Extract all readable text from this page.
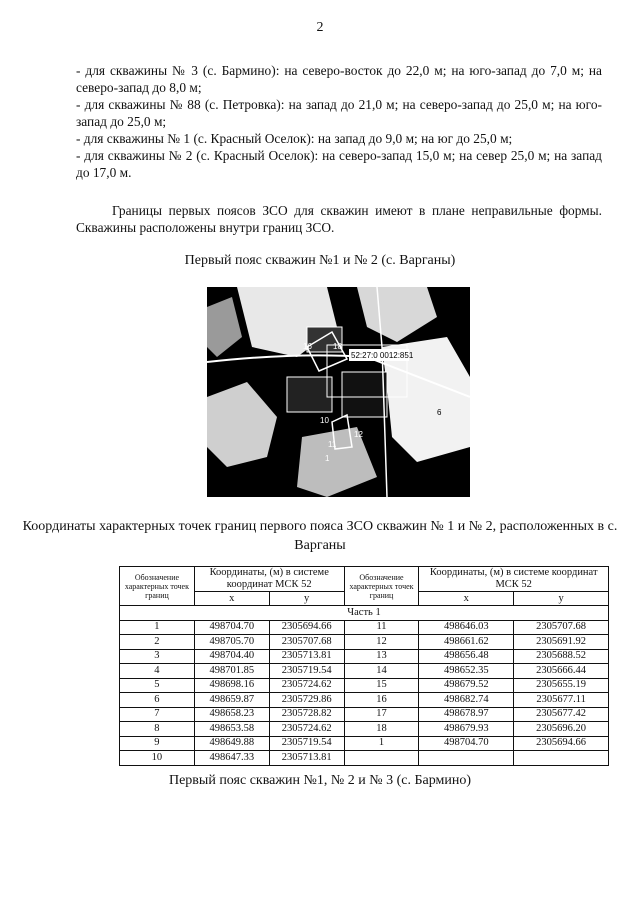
2

- для скважины № 3 (с. Бармино): на северо-восток до 22,0 м; на юго-запад до 7,0 м; на северо-запад до 8,0 м;

- для скважины № 88 (с. Петровка): на запад до 21,0 м; на северо-запад до 25,0 м; на юго- запад до 25,0 м;

- для скважины № 1 (с. Красный Оселок): на запад до 9,0 м; на юг до 25,0 м;

- для скважины № 2 (с. Красный Оселок): на северо-запад 15,0 м; на север 25,0 м; на запад до 17,0 м.

Границы первых поясов ЗСО для скважин имеют в плане неправильные формы. Скважины расположены внутри границ ЗСО.

Первый пояс скважин №1 и № 2 (с. Варганы)

52:27:0 0012:851
16	18
10
11
12
1
6

Координаты характерных точек границ первого пояса ЗСО скважин № 1 и № 2, расположенных в с. Варганы

Обозначение характерных точек границ	Координаты, (м) в системе координат МСК 52		Обозначение характерных точек границ	Координаты, (м) в системе координат МСК 52	
	х	у		х	у
Часть 1					
1	498704.70	2305694.66	11	498646.03	2305707.68
2	498705.70	2305707.68	12	498661.62	2305691.92
3	498704.40	2305713.81	13	498656.48	2305688.52
4	498701.85	2305719.54	14	498652.35	2305666.44
5	498698.16	2305724.62	15	498679.52	2305655.19
6	498659.87	2305729.86	16	498682.74	2305677.11
7	498658.23	2305728.82	17	498678.97	2305677.42
8	498653.58	2305724.62	18	498679.93	2305696.20
9	498649.88	2305719.54	1	498704.70	2305694.66
10	498647.33	2305713.81			

Первый пояс скважин №1, № 2 и № 3 (с. Бармино)
